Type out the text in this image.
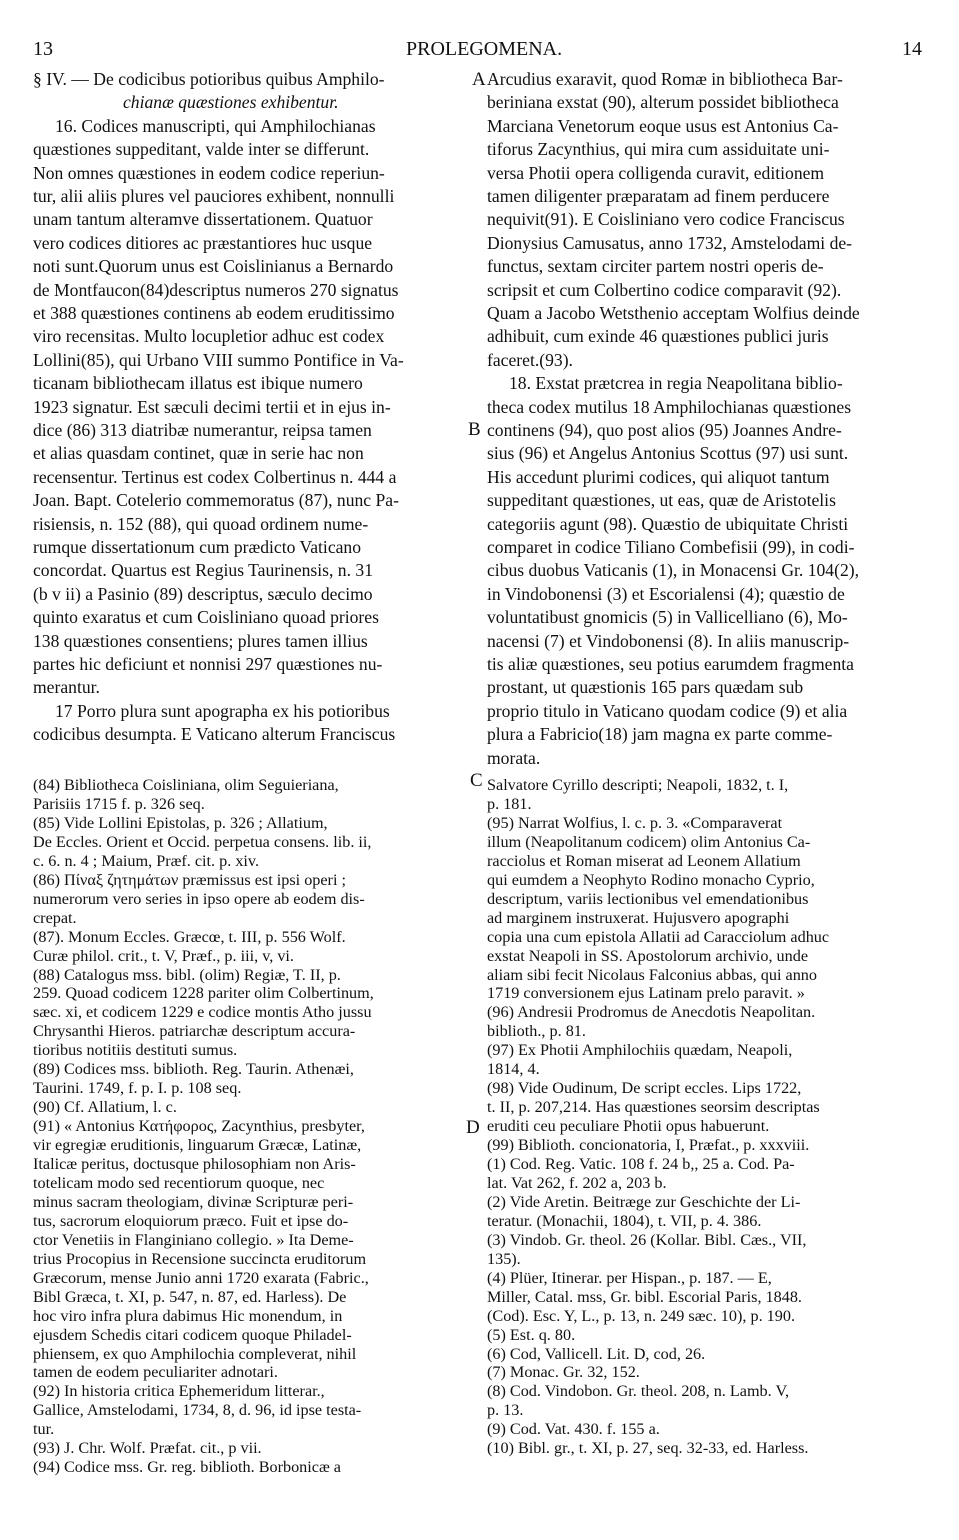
13	PROLEGOMENA.	14
A
B
C
D
§ IV. — De codicibus potioribus quibus Amphilo-
chianæ quæstiones exhibentur.
16. Codices manuscripti, qui Amphilochianas
quæstiones suppeditant, valde inter se differunt.
Non omnes quæstiones in eodem codice reperiun-
tur, alii aliis plures vel pauciores exhibent, nonnulli
unam tantum alteramve dissertationem. Quatuor
vero codices ditiores ac præstantiores huc usque
noti sunt.Quorum unus est Coislinianus a Bernardo
de Montfaucon(84)descriptus numeros 270 signatus
et 388 quæstiones continens ab eodem eruditissimo
viro recensitas. Multo locupletior adhuc est codex
Lollini(85), qui Urbano VIII summo Pontifice in Va-
ticanam bibliothecam illatus est ibique numero
1923 signatur. Est sæculi decimi tertii et in ejus in-
dice (86) 313 diatribæ numerantur, reipsa tamen
et alias quasdam continet, quæ in serie hac non
recensentur. Tertinus est codex Colbertinus n. 444 a
Joan. Bapt. Cotelerio commemoratus (87), nunc Pa-
risiensis, n. 152 (88), qui quoad ordinem nume-
rumque dissertationum cum prædicto Vaticano
concordat. Quartus est Regius Taurinensis, n. 31
(b v ii) a Pasinio (89) descriptus, sæculo decimo
quinto exaratus et cum Coisliniano quoad priores
138 quæstiones consentiens; plures tamen illius
partes hic deficiunt et nonnisi 297 quæstiones nu-
merantur.
17 Porro plura sunt apographa ex his potioribus
codicibus desumpta. E Vaticano alterum Franciscus
Arcudius exaravit, quod Romæ in bibliotheca Bar-
beriniana exstat (90), alterum possidet bibliotheca
Marciana Venetorum eoque usus est Antonius Ca-
tiforus Zacynthius, qui mira cum assiduitate uni-
versa Photii opera colligenda curavit, editionem
tamen diligenter præparatam ad finem perducere
nequivit(91). E Coisliniano vero codice Franciscus
Dionysius Camusatus, anno 1732, Amstelodami de-
functus, sextam circiter partem nostri operis de-
scripsit et cum Colbertino codice comparavit (92).
Quam a Jacobo Wetsthenio acceptam Wolfius deinde
adhibuit, cum exinde 46 quæstiones publici juris
faceret.(93).
18. Exstat prætcrea in regia Neapolitana biblio-
theca codex mutilus 18 Amphilochianas quæstiones
continens (94), quo post alios (95) Joannes Andre-
sius (96) et Angelus Antonius Scottus (97) usi sunt.
His accedunt plurimi codices, qui aliquot tantum
suppeditant quæstiones, ut eas, quæ de Aristotelis
categoriis agunt (98). Quæstio de ubiquitate Christi
comparet in codice Tiliano Combefisii (99), in codi-
cibus duobus Vaticanis (1), in Monacensi Gr. 104(2),
in Vindobonensi (3) et Escorialensi (4); quæstio de
voluntatibust gnomicis (5) in Vallicelliano (6), Mo-
nacensi (7) et Vindobonensi (8). In aliis manuscrip-
tis aliæ quæstiones, seu potius earumdem fragmenta
prostant, ut quæstionis 165 pars quædam sub
proprio titulo in Vaticano quodam codice (9) et alia
plura a Fabricio(18) jam magna ex parte comme-
morata.
(84) Bibliotheca Coisliniana, olim Seguieriana,
Parisiis 1715 f. p. 326 seq.
(85) Vide Lollini Epistolas, p. 326 ; Allatium,
De Eccles. Orient et Occid. perpetua consens. lib. ii,
c. 6. n. 4 ; Maium, Præf. cit. p. xiv.
(86) Πίναξ ζητημάτων præmissus est ipsi operi ;
numerorum vero series in ipso opere ab eodem dis-
crepat.
(87). Monum Eccles. Græcœ, t. III, p. 556 Wolf.
Curæ philol. crit., t. V, Præf., p. iii, v, vi.
(88) Catalogus mss. bibl. (olim) Regiæ, T. II, p.
259. Quoad codicem 1228 pariter olim Colbertinum,
sæc. xi, et codicem 1229 e codice montis Atho jussu
Chrysanthi Hieros. patriarchæ descriptum accura-
tioribus notitiis destituti sumus.
(89) Codices mss. biblioth. Reg. Taurin. Athenæi,
Taurini. 1749, f. p. I. p. 108 seq.
(90) Cf. Allatium, l. c.
(91) « Antonius Κατήφορος, Zacynthius, presbyter,
vir egregiæ eruditionis, linguarum Græcæ, Latinæ,
Italicæ peritus, doctusque philosophiam non Aris-
totelicam modo sed recentiorum quoque, nec
minus sacram theologiam, divinæ Scripturæ peri-
tus, sacrorum eloquiorum præco. Fuit et ipse do-
ctor Venetiis in Flanginiano collegio. » Ita Deme-
trius Procopius in Recensione succincta eruditorum
Græcorum, mense Junio anni 1720 exarata (Fabric.,
Bibl Græca, t. XI, p. 547, n. 87, ed. Harless). De
hoc viro infra plura dabimus Hic monendum, in
ejusdem Schedis citari codicem quoque Philadel-
phiensem, ex quo Amphilochia compleverat, nihil
tamen de eodem peculiariter adnotari.
(92) In historia critica Ephemeridum litterar.,
Gallice, Amstelodami, 1734, 8, d. 96, id ipse testa-
tur.
(93) J. Chr. Wolf. Præfat. cit., p vii.
(94) Codice mss. Gr. reg. biblioth. Borbonicæ a
Salvatore Cyrillo descripti; Neapoli, 1832, t. I,
p. 181.
(95) Narrat Wolfius, l. c. p. 3. «Comparaverat
illum (Neapolitanum codicem) olim Antonius Ca-
racciolus et Roman miserat ad Leonem Allatium
qui eumdem a Neophyto Rodino monacho Cyprio,
descriptum, variis lectionibus vel emendationibus
ad marginem instruxerat. Hujusvero apographi
copia una cum epistola Allatii ad Caracciolum adhuc
exstat Neapoli in SS. Apostolorum archivio, unde
aliam sibi fecit Nicolaus Falconius abbas, qui anno
1719 conversionem ejus Latinam prelo paravit. »
(96) Andresii Prodromus de Anecdotis Neapolitan.
biblioth., p. 81.
(97) Ex Photii Amphilochiis quædam, Neapoli,
1814, 4.
(98) Vide Oudinum, De script eccles. Lips 1722,
t. II, p. 207,214. Has quæstiones seorsim descriptas
eruditi ceu peculiare Photii opus habuerunt.
(99) Biblioth. concionatoria, I, Præfat., p. xxxviii.
(1) Cod. Reg. Vatic. 108 f. 24 b,, 25 a. Cod. Pa-
lat. Vat 262, f. 202 a, 203 b.
(2) Vide Aretin. Beitræge zur Geschichte der Li-
teratur. (Monachii, 1804), t. VII, p. 4. 386.
(3) Vindob. Gr. theol. 26 (Kollar. Bibl. Cæs., VII,
135).
(4) Plüer, Itinerar. per Hispan., p. 187. — E,
Miller, Catal. mss, Gr. bibl. Escorial Paris, 1848.
(Cod). Esc. Y, L., p. 13, n. 249 sæc. 10), p. 190.
(5) Est. q. 80.
(6) Cod, Vallicell. Lit. D, cod, 26.
(7) Monac. Gr. 32, 152.
(8) Cod. Vindobon. Gr. theol. 208, n. Lamb. V,
p. 13.
(9) Cod. Vat. 430. f. 155 a.
(10) Bibl. gr., t. XI, p. 27, seq. 32-33, ed. Harless.
